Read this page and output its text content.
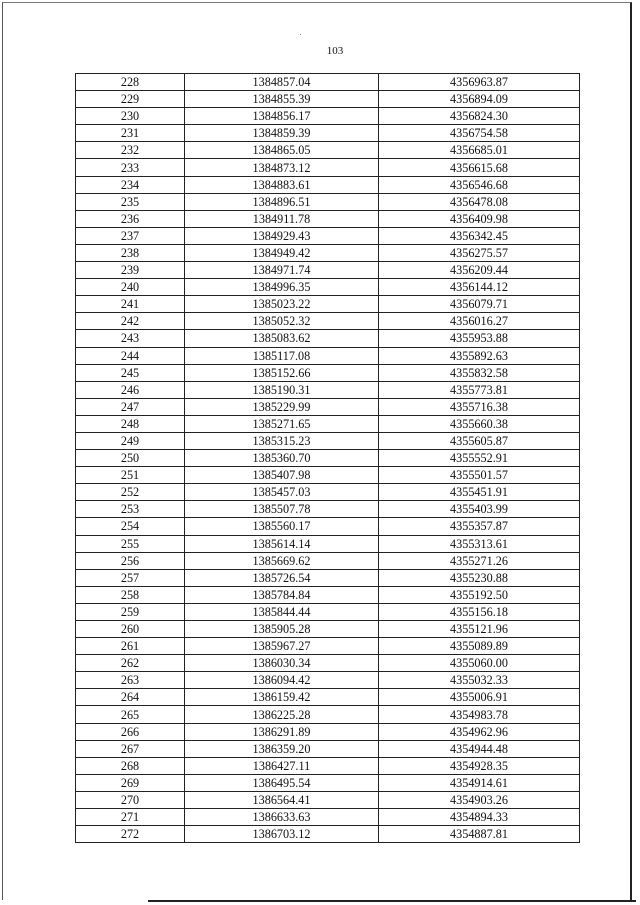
103
228	1384857.04	4356963.87
229	1384855.39	4356894.09
230	1384856.17	4356824.30
231	1384859.39	4356754.58
232	1384865.05	4356685.01
233	1384873.12	4356615.68
234	1384883.61	4356546.68
235	1384896.51	4356478.08
236	1384911.78	4356409.98
237	1384929.43	4356342.45
238	1384949.42	4356275.57
239	1384971.74	4356209.44
240	1384996.35	4356144.12
241	1385023.22	4356079.71
242	1385052.32	4356016.27
243	1385083.62	4355953.88
244	1385117.08	4355892.63
245	1385152.66	4355832.58
246	1385190.31	4355773.81
247	1385229.99	4355716.38
248	1385271.65	4355660.38
249	1385315.23	4355605.87
250	1385360.70	4355552.91
251	1385407.98	4355501.57
252	1385457.03	4355451.91
253	1385507.78	4355403.99
254	1385560.17	4355357.87
255	1385614.14	4355313.61
256	1385669.62	4355271.26
257	1385726.54	4355230.88
258	1385784.84	4355192.50
259	1385844.44	4355156.18
260	1385905.28	4355121.96
261	1385967.27	4355089.89
262	1386030.34	4355060.00
263	1386094.42	4355032.33
264	1386159.42	4355006.91
265	1386225.28	4354983.78
266	1386291.89	4354962.96
267	1386359.20	4354944.48
268	1386427.11	4354928.35
269	1386495.54	4354914.61
270	1386564.41	4354903.26
271	1386633.63	4354894.33
272	1386703.12	4354887.81
